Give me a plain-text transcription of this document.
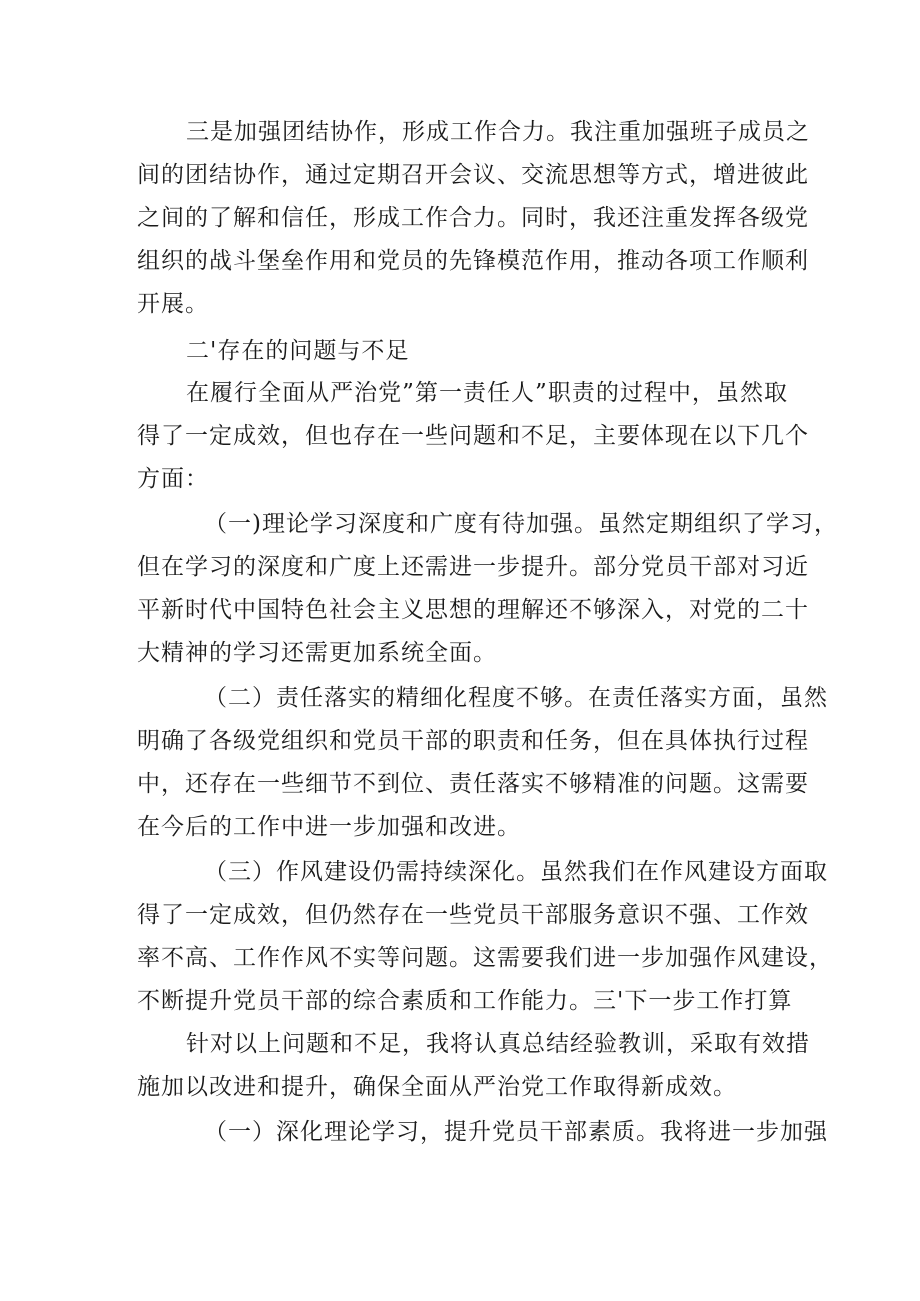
三是加强团结协作，形成工作合力。我注重加强班子成员之
间的团结协作，通过定期召开会议、交流思想等方式，增进彼此
之间的了解和信任，形成工作合力。同时，我还注重发挥各级党
组织的战斗堡垒作用和党员的先锋模范作用，推动各项工作顺利
开展。
二'存在的问题与不足
在履行全面从严治党”第一责任人”职责的过程中，虽然取
得了一定成效，但也存在一些问题和不足，主要体现在以下几个
方面：
（一)理论学习深度和广度有待加强。虽然定期组织了学习，
但在学习的深度和广度上还需进一步提升。部分党员干部对习近
平新时代中国特色社会主义思想的理解还不够深入，对党的二十
大精神的学习还需更加系统全面。
（二）责任落实的精细化程度不够。在责任落实方面，虽然
明确了各级党组织和党员干部的职责和任务，但在具体执行过程
中，还存在一些细节不到位、责任落实不够精准的问题。这需要
在今后的工作中进一步加强和改进。
（三）作风建设仍需持续深化。虽然我们在作风建设方面取
得了一定成效，但仍然存在一些党员干部服务意识不强、工作效
率不高、工作作风不实等问题。这需要我们进一步加强作风建设，
不断提升党员干部的综合素质和工作能力。三'下一步工作打算
针对以上问题和不足，我将认真总结经验教训，采取有效措
施加以改进和提升，确保全面从严治党工作取得新成效。
（一）深化理论学习，提升党员干部素质。我将进一步加强
